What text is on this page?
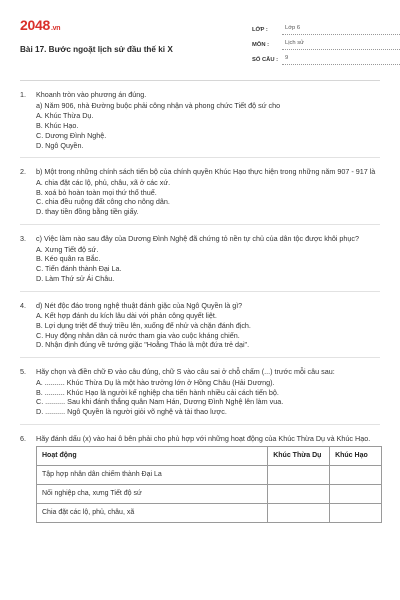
2048.vn
Bài 17. Bước ngoặt lịch sử đầu thế kỉ X
LỚP :	Lớp 6
MÔN :	Lịch sử
SỐ CÂU :	9
1. Khoanh tròn vào phương án đúng.
a) Năm 906, nhà Đường buộc phải công nhận và phong chức Tiết độ sứ cho
A. Khúc Thừa Dụ.
B. Khúc Hạo.
C. Dương Đình Nghệ.
D. Ngô Quyền.
2. b) Một trong những chính sách tiến bộ của chính quyền Khúc Hạo thực hiện trong những năm 907 - 917 là
A. chia đặt các lộ, phủ, châu, xã ở các xứ.
B. xoá bỏ hoàn toàn mọi thứ thổ thuế.
C. chia đều ruộng đất công cho nông dân.
D. thay tiền đồng bằng tiền giấy.
3. c) Việc làm nào sau đây của Dương Đình Nghệ đã chứng tỏ nền tự chủ của dân tộc được khôi phục?
A. Xưng Tiết độ sứ.
B. Kéo quân ra Bắc.
C. Tiến đánh thành Đại La.
D. Làm Thứ sử Ái Châu.
4. d) Nét độc đáo trong nghệ thuật đánh giặc của Ngô Quyền là gì?
A. Kết hợp đánh du kích lâu dài với phản công quyết liệt.
B. Lợi dụng triệt để thuỷ triều lên, xuống để nhử và chặn đánh địch.
C. Huy động nhân dân cả nước tham gia vào cuộc kháng chiến.
D. Nhận định đúng về tướng giặc "Hoằng Tháo là một đứa trẻ dại".
5. Hãy chọn và điền chữ Đ vào câu đúng, chữ S vào câu sai ở chỗ chấm (...) trước mỗi câu sau:
A. .......... Khúc Thừa Dụ là một hào trưởng lớn ở Hồng Châu (Hải Dương).
B. .......... Khúc Hạo là người kế nghiệp cha tiến hành nhiều cải cách tiến bộ.
C. .......... Sau khi đánh thắng quân Nam Hán, Dương Đình Nghệ lên làm vua.
D. .......... Ngô Quyền là người giỏi võ nghệ và tài thao lược.
6. Hãy đánh dấu (x) vào hai ô bên phải cho phù hợp với những hoạt động của Khúc Thừa Dụ và Khúc Hạo.
Hoạt động	Khúc Thừa Dụ	Khúc Hạo
Tập hợp nhân dân chiếm thành Đại La		
Nối nghiệp cha, xưng Tiết độ sứ		
Chia đặt các lộ, phủ, châu, xã		
